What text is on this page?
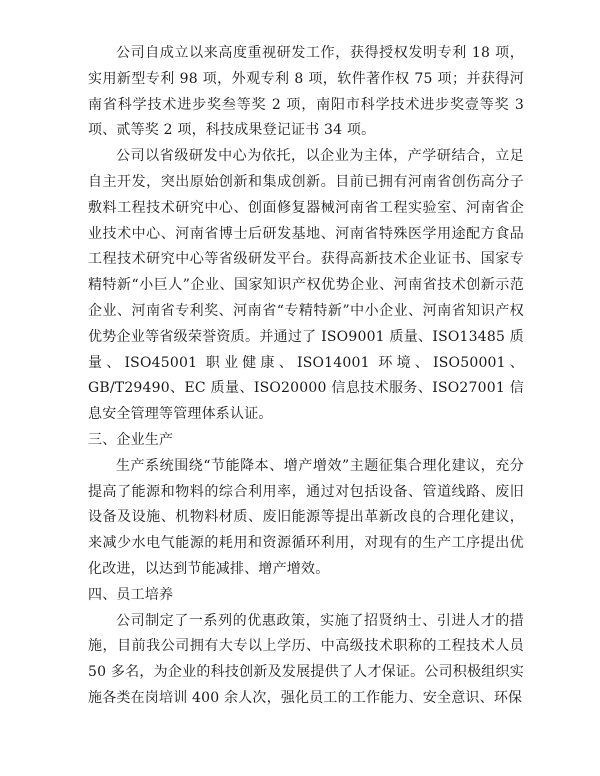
公司自成立以来高度重视研发工作，获得授权发明专利 18 项，实用新型专利 98 项，外观专利 8 项，软件著作权 75 项；并获得河南省科学技术进步奖叁等奖 2 项，南阳市科学技术进步奖壹等奖 3 项、贰等奖 2 项，科技成果登记证书 34 项。

公司以省级研发中心为依托，以企业为主体，产学研结合，立足自主开发，突出原始创新和集成创新。目前已拥有河南省创伤高分子敷料工程技术研究中心、创面修复器械河南省工程实验室、河南省企业技术中心、河南省博士后研发基地、河南省特殊医学用途配方食品工程技术研究中心等省级研发平台。获得高新技术企业证书、国家专精特新“小巨人”企业、国家知识产权优势企业、河南省技术创新示范企业、河南省专利奖、河南省“专精特新”中小企业、河南省知识产权优势企业等省级荣誉资质。并通过了 ISO9001 质量、ISO13485 质量、ISO45001 职业健康、ISO14001 环境、ISO50001、GB/T29490、EC 质量、ISO20000 信息技术服务、ISO27001 信息安全管理等管理体系认证。

三、企业生产

生产系统围绕“节能降本、增产增效”主题征集合理化建议，充分提高了能源和物料的综合利用率，通过对包括设备、管道线路、废旧设备及设施、机物料材质、废旧能源等提出革新改良的合理化建议，来减少水电气能源的耗用和资源循环利用，对现有的生产工序提出优化改进，以达到节能减排、增产增效。

四、员工培养

公司制定了一系列的优惠政策，实施了招贤纳士、引进人才的措施，目前我公司拥有大专以上学历、中高级技术职称的工程技术人员 50 多名，为企业的科技创新及发展提供了人才保证。公司积极组织实施各类在岗培训 400 余人次，强化员工的工作能力、安全意识、环保
